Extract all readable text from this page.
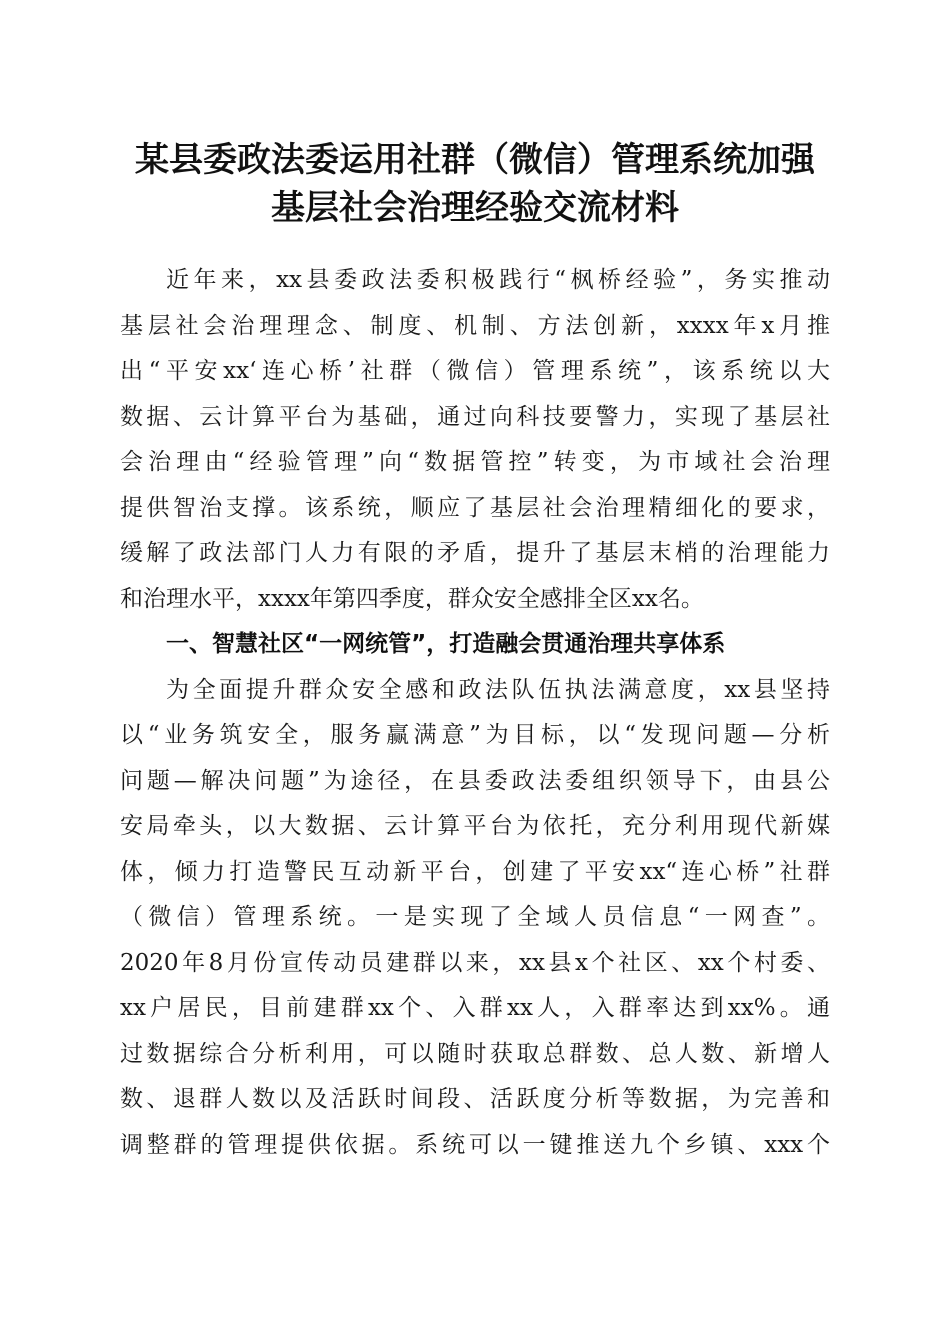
某县委政法委运用社群（微信）管理系统加强
基层社会治理经验交流材料
近年来，xx县委政法委积极践行“枫桥经验”，务实推动
基层社会治理理念、制度、机制、方法创新，xxxx年x月推
出“平安xx‘连心桥’社群（微信）管理系统”，该系统以大
数据、云计算平台为基础，通过向科技要警力，实现了基层社
会治理由“经验管理”向“数据管控”转变，为市域社会治理
提供智治支撑。该系统，顺应了基层社会治理精细化的要求，
缓解了政法部门人力有限的矛盾，提升了基层末梢的治理能力
和治理水平，xxxx年第四季度，群众安全感排全区xx名。
一、智慧社区“一网统管”，打造融会贯通治理共享体系
为全面提升群众安全感和政法队伍执法满意度，xx县坚持
以“业务筑安全，服务赢满意”为目标，以“发现问题—分析
问题—解决问题”为途径，在县委政法委组织领导下，由县公
安局牵头，以大数据、云计算平台为依托，充分利用现代新媒
体，倾力打造警民互动新平台，创建了平安xx“连心桥”社群
（微信）管理系统。一是实现了全域人员信息“一网查”。
2020年8月份宣传动员建群以来，xx县x个社区、xx个村委、
xx户居民，目前建群xx个、入群xx人，入群率达到xx%。通
过数据综合分析利用，可以随时获取总群数、总人数、新增人
数、退群人数以及活跃时间段、活跃度分析等数据，为完善和
调整群的管理提供依据。系统可以一键推送九个乡镇、xxx个
